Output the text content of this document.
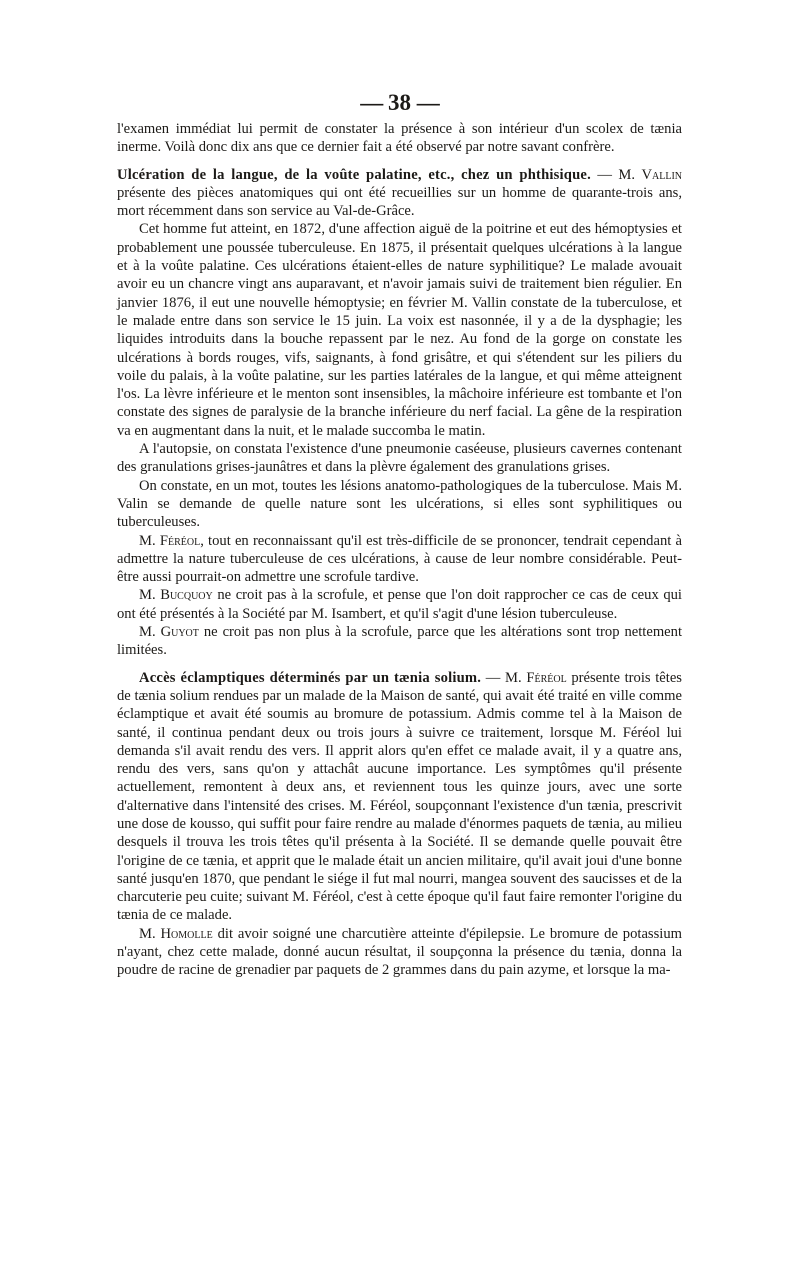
— 38 —

l'examen immédiat lui permit de constater la présence à son intérieur d'un scolex de tænia inerme. Voilà donc dix ans que ce dernier fait a été observé par notre savant confrère.

Ulcération de la langue, de la voûte palatine, etc., chez un phthisique. — M. Vallin présente des pièces anatomiques qui ont été recueillies sur un homme de quarante-trois ans, mort récemment dans son service au Val-de-Grâce.

Cet homme fut atteint, en 1872, d'une affection aiguë de la poitrine et eut des hémoptysies et probablement une poussée tuberculeuse. En 1875, il présentait quelques ulcérations à la langue et à la voûte palatine. Ces ulcérations étaient-elles de nature syphilitique? Le malade avouait avoir eu un chancre vingt ans auparavant, et n'avoir jamais suivi de traitement bien régulier. En janvier 1876, il eut une nouvelle hémoptysie; en février M. Vallin constate de la tuberculose, et le malade entre dans son service le 15 juin. La voix est nasonnée, il y a de la dysphagie; les liquides introduits dans la bouche repassent par le nez. Au fond de la gorge on constate les ulcérations à bords rouges, vifs, saignants, à fond grisâtre, et qui s'étendent sur les piliers du voile du palais, à la voûte palatine, sur les parties latérales de la langue, et qui même atteignent l'os. La lèvre inférieure et le menton sont insensibles, la mâchoire inférieure est tombante et l'on constate des signes de paralysie de la branche inférieure du nerf facial. La gêne de la respiration va en augmentant dans la nuit, et le malade succomba le matin.

A l'autopsie, on constata l'existence d'une pneumonie caséeuse, plusieurs cavernes contenant des granulations grises-jaunâtres et dans la plèvre également des granulations grises.

On constate, en un mot, toutes les lésions anatomo-pathologiques de la tuberculose. Mais M. Valin se demande de quelle nature sont les ulcérations, si elles sont syphilitiques ou tuberculeuses.

M. Féréol, tout en reconnaissant qu'il est très-difficile de se prononcer, tendrait cependant à admettre la nature tuberculeuse de ces ulcérations, à cause de leur nombre considérable. Peut-être aussi pourrait-on admettre une scrofule tardive.

M. Bucquoy ne croit pas à la scrofule, et pense que l'on doit rapprocher ce cas de ceux qui ont été présentés à la Société par M. Isambert, et qu'il s'agit d'une lésion tuberculeuse.

M. Guyot ne croit pas non plus à la scrofule, parce que les altérations sont trop nettement limitées.

Accès éclamptiques déterminés par un tænia solium. — M. Féréol présente trois têtes de tænia solium rendues par un malade de la Maison de santé, qui avait été traité en ville comme éclamptique et avait été soumis au bromure de potassium. Admis comme tel à la Maison de santé, il continua pendant deux ou trois jours à suivre ce traitement, lorsque M. Féréol lui demanda s'il avait rendu des vers. Il apprit alors qu'en effet ce malade avait, il y a quatre ans, rendu des vers, sans qu'on y attachât aucune importance. Les symptômes qu'il présente actuellement, remontent à deux ans, et reviennent tous les quinze jours, avec une sorte d'alternative dans l'intensité des crises. M. Féréol, soupçonnant l'existence d'un tænia, prescrivit une dose de kousso, qui suffit pour faire rendre au malade d'énormes paquets de tænia, au milieu desquels il trouva les trois têtes qu'il présenta à la Société. Il se demande quelle pouvait être l'origine de ce tænia, et apprit que le malade était un ancien militaire, qu'il avait joui d'une bonne santé jusqu'en 1870, que pendant le siége il fut mal nourri, mangea souvent des saucisses et de la charcuterie peu cuite; suivant M. Féréol, c'est à cette époque qu'il faut faire remonter l'origine du tænia de ce malade.

M. Homolle dit avoir soigné une charcutière atteinte d'épilepsie. Le bromure de potassium n'ayant, chez cette malade, donné aucun résultat, il soupçonna la présence du tænia, donna la poudre de racine de grenadier par paquets de 2 grammes dans du pain azyme, et lorsque la ma-
